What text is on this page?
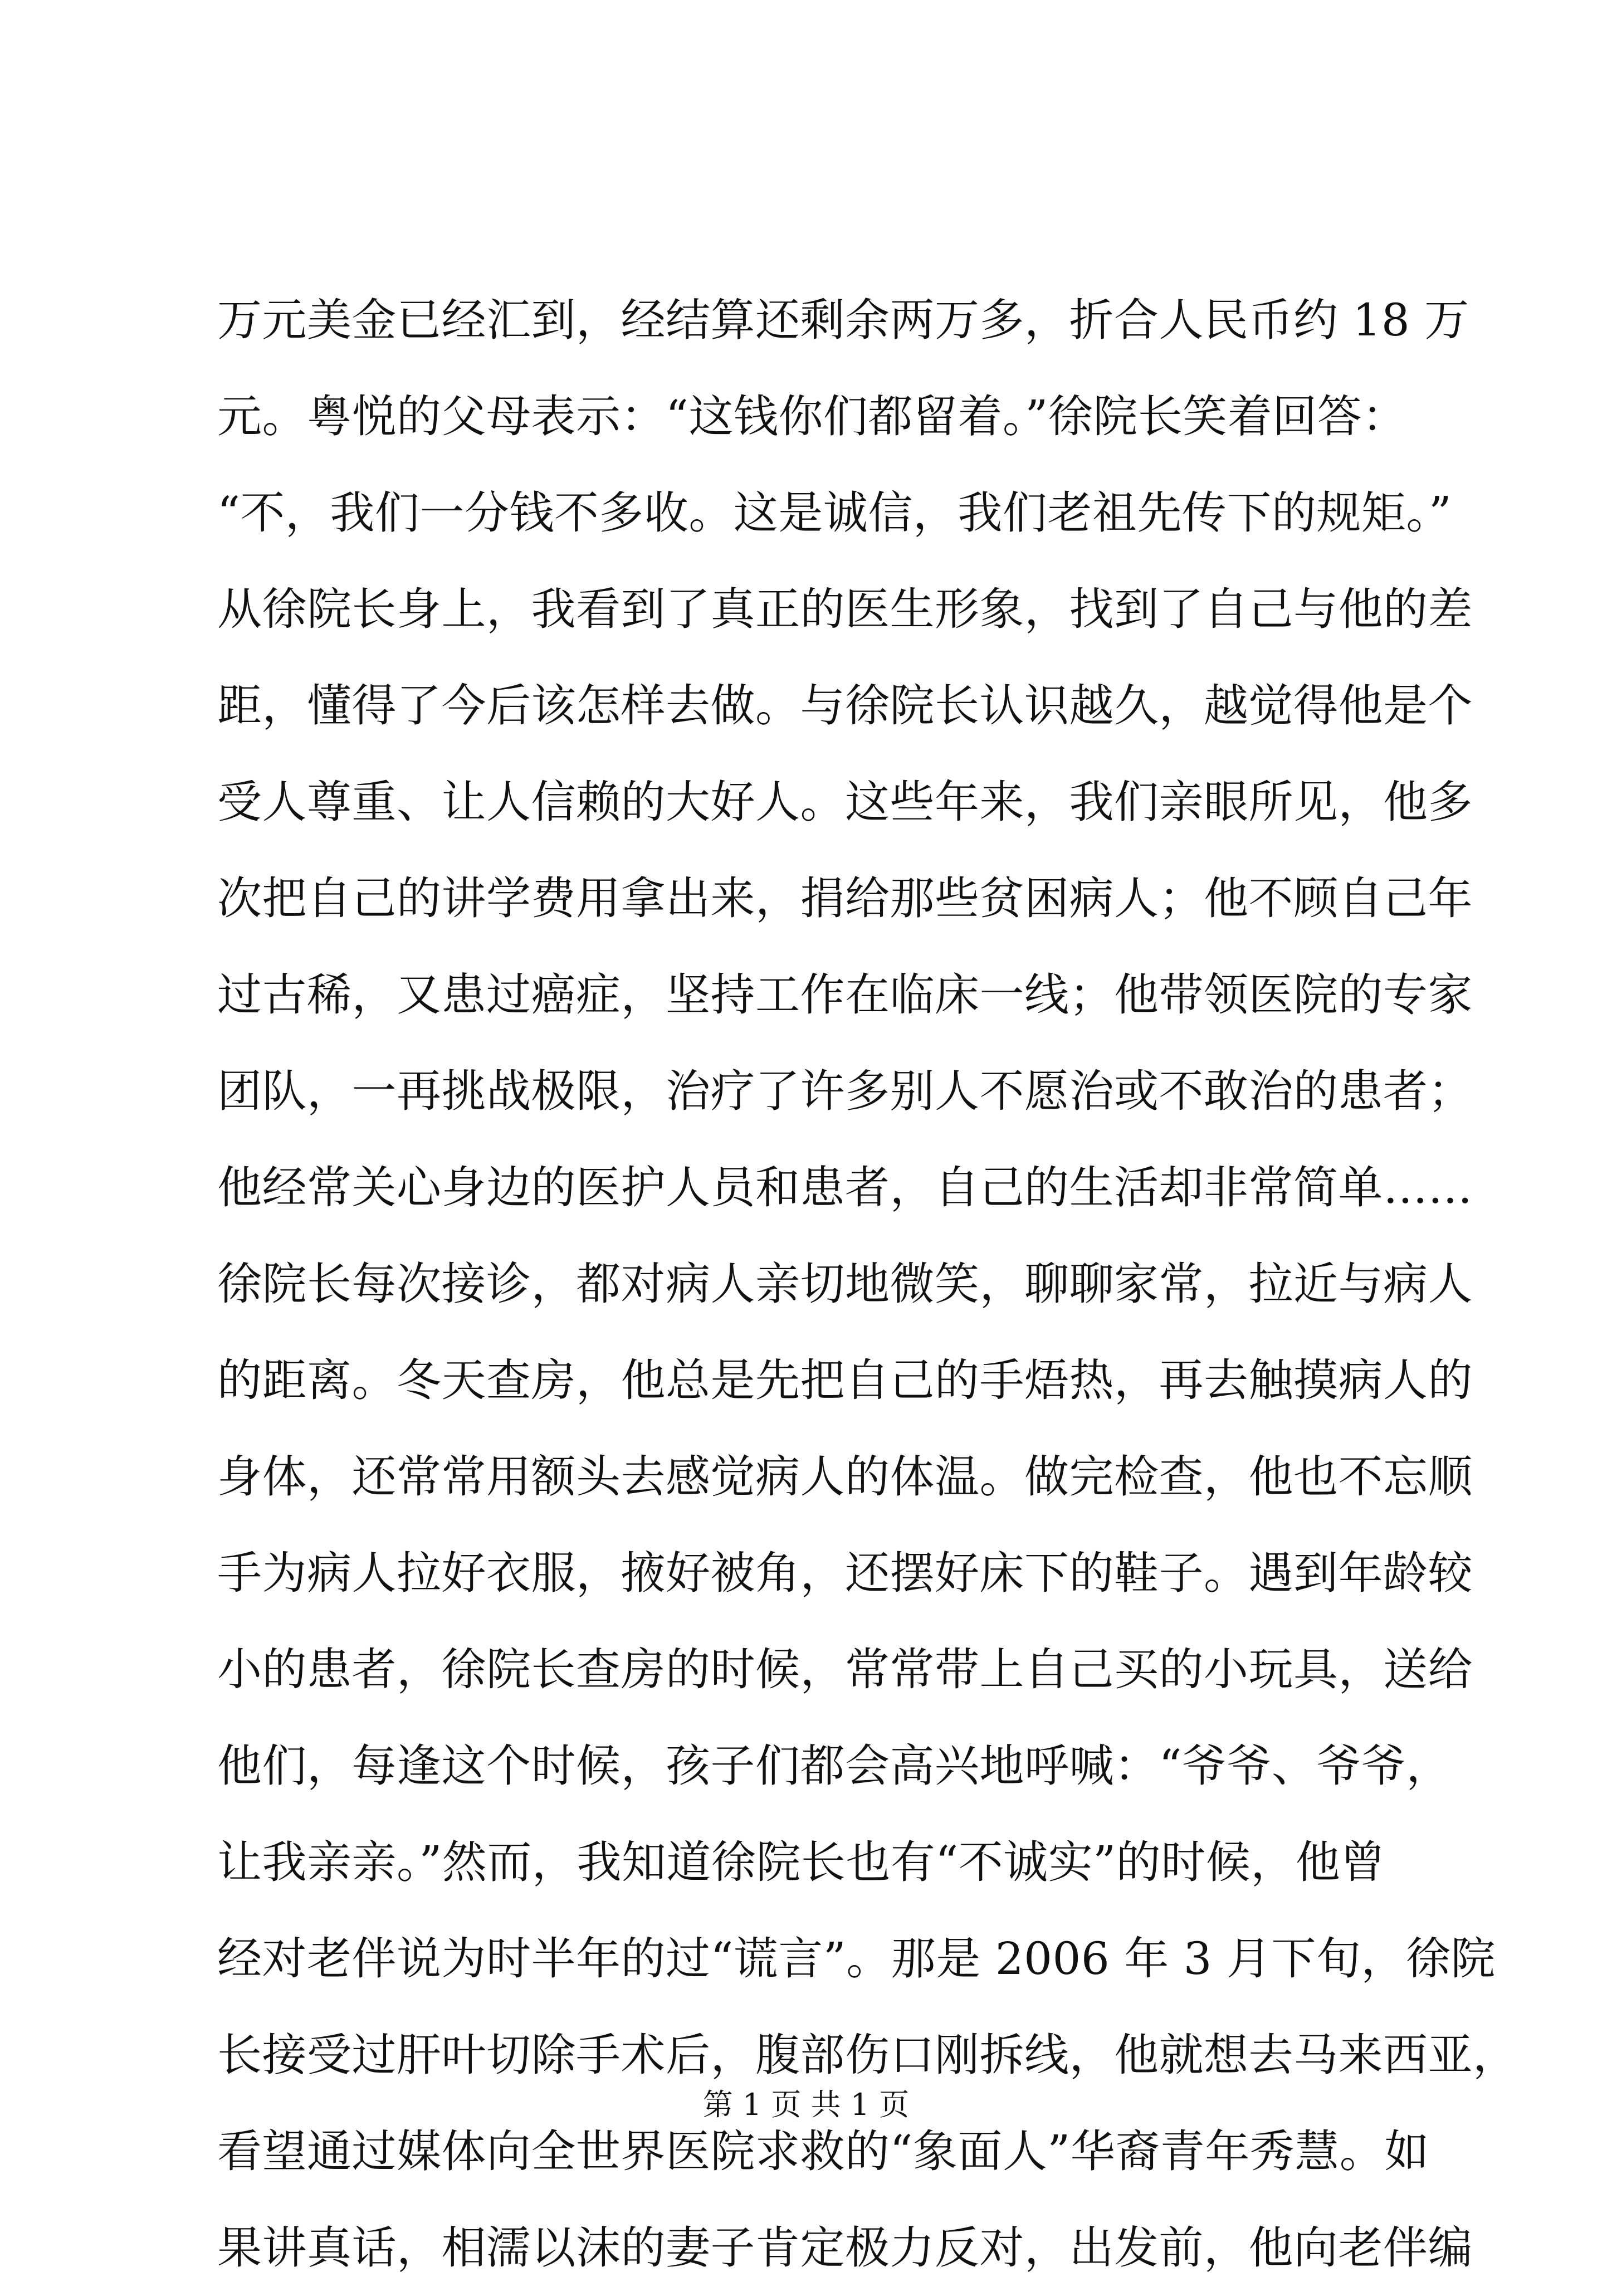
万元美金已经汇到，经结算还剩余两万多，折合人民币约 18 万
元。粤悦的父母表示：“这钱你们都留着。”徐院长笑着回答：
“不，我们一分钱不多收。这是诚信，我们老祖先传下的规矩。”
从徐院长身上，我看到了真正的医生形象，找到了自己与他的差
距，懂得了今后该怎样去做。与徐院长认识越久，越觉得他是个
受人尊重、让人信赖的大好人。这些年来，我们亲眼所见，他多
次把自己的讲学费用拿出来，捐给那些贫困病人；他不顾自己年
过古稀，又患过癌症，坚持工作在临床一线；他带领医院的专家
团队，一再挑战极限，治疗了许多别人不愿治或不敢治的患者；
他经常关心身边的医护人员和患者，自己的生活却非常简单……
徐院长每次接诊，都对病人亲切地微笑，聊聊家常，拉近与病人
的距离。冬天查房，他总是先把自己的手焐热，再去触摸病人的
身体，还常常用额头去感觉病人的体温。做完检查，他也不忘顺
手为病人拉好衣服，掖好被角，还摆好床下的鞋子。遇到年龄较
小的患者，徐院长查房的时候，常常带上自己买的小玩具，送给
他们，每逢这个时候，孩子们都会高兴地呼喊：“爷爷、爷爷，
让我亲亲。”然而，我知道徐院长也有“不诚实”的时候，他曾
经对老伴说为时半年的过“谎言”。那是 2006 年 3 月下旬，徐院
长接受过肝叶切除手术后，腹部伤口刚拆线，他就想去马来西亚，
看望通过媒体向全世界医院求救的“象面人”华裔青年秀慧。如
果讲真话，相濡以沫的妻子肯定极力反对，出发前，他向老伴编
第 1 页 共 1 页
